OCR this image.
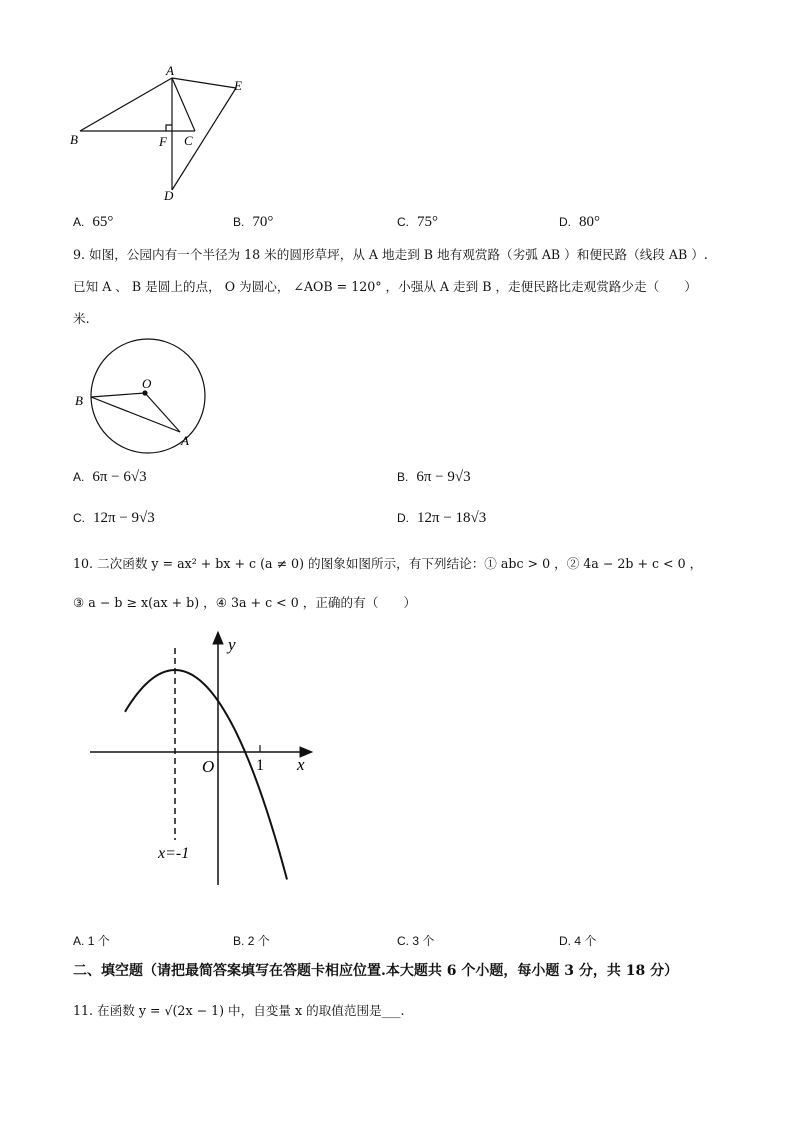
A
E
B	F C
D
O
B
A
y
x
O	1
x=-1
A. 65°	B. 70°	C. 75°	D. 80°
9. 如图，公园内有一个半径为 18 米的圆形草坪，从 A 地走到 B 地有观赏路（劣弧 AB ）和便民路（线段 AB ）.
已知 A 、 B 是圆上的点， O 为圆心， ∠AOB = 120° ，小强从 A 走到 B ，走便民路比走观赏路少走（　　）
米.
A. 6π − 6√3	B. 6π − 9√3
C. 12π − 9√3	D. 12π − 18√3
10. 二次函数 y = ax² + bx + c (a ≠ 0) 的图象如图所示，有下列结论：① abc > 0 ，② 4a − 2b + c < 0 ，
③ a − b ≥ x(ax + b) ，④ 3a + c < 0 ，正确的有（　　）
A. 1 个	B. 2 个	C. 3 个	D. 4 个
二、填空题（请把最简答案填写在答题卡相应位置.本大题共 6 个小题，每小题 3 分，共 18 分）
11. 在函数 y = √(2x − 1) 中，自变量 x 的取值范围是___.
